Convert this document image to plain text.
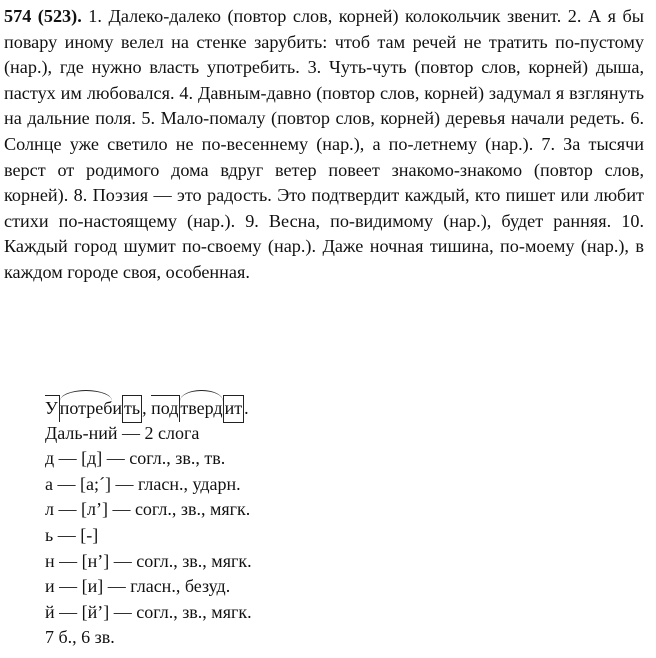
574 (523). 1. Далеко-далеко (повтор слов, корней) колокольчик звенит. 2. А я бы повару иному велел на стенке зарубить: чтоб там речей не тратить по-пустому (нар.), где нужно власть употребить. 3. Чуть-чуть (повтор слов, корней) дыша, пастух им любовался. 4. Давным-давно (повтор слов, корней) задумал я взглянуть на дальние поля. 5. Мало-помалу (повтор слов, корней) деревья начали редеть. 6. Солнце уже светило не по-весеннему (нар.), а по-летнему (нар.). 7. За тысячи верст от родимого дома вдруг ветер повеет знакомо-знакомо (повтор слов, корней). 8. Поэзия — это радость. Это подтвердит каждый, кто пишет или любит стихи по-настоящему (нар.). 9. Весна, по-видимому (нар.), будет ранняя. 10. Каждый город шумит по-своему (нар.). Даже ночная тишина, по-моему (нар.), в каждом городе своя, особенная.

У потреб
и ть , под тверд ит .
Даль-ний — 2 слога
д — [д] — согл., зв., тв.
а — [а;´] — гласн., ударн.
л — [л’] — согл., зв., мягк.
ь — [-]
н — [н’] — согл., зв., мягк.
и — [и] — гласн., безуд.
й — [й’] — согл., зв., мягк.
7 б., 6 зв.
